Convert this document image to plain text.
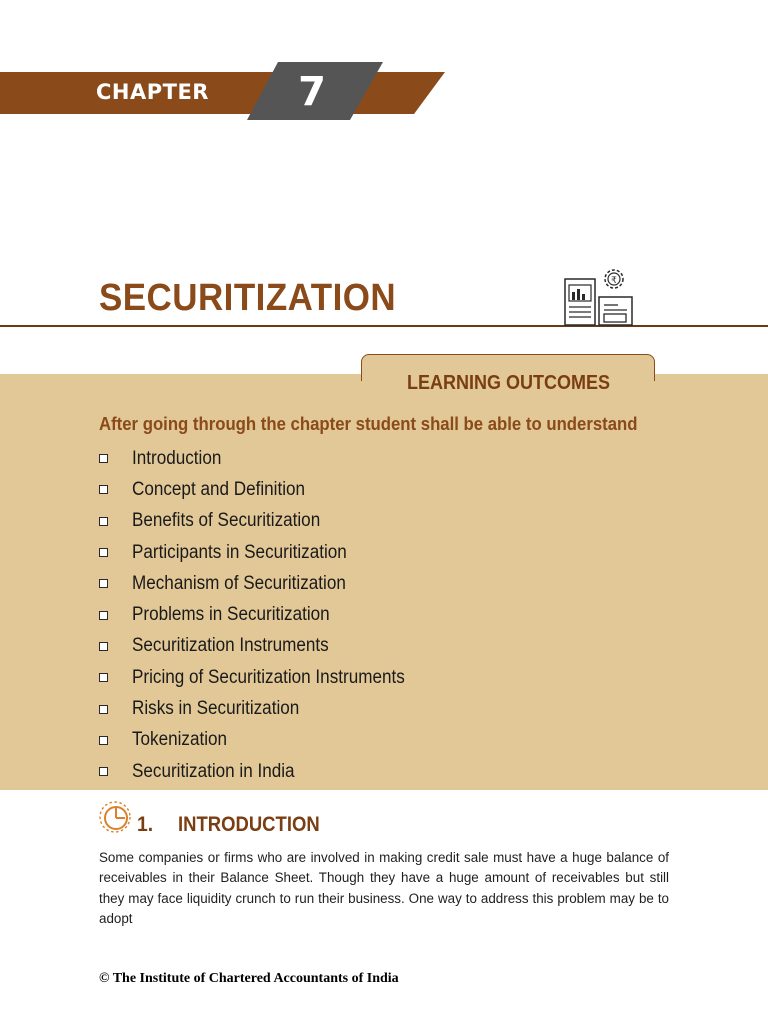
CHAPTER 7
SECURITIZATION	₹
LEARNING OUTCOMES
After going through the chapter student shall be able to understand
Introduction
Concept and Definition
Benefits of Securitization
Participants in Securitization
Mechanism of Securitization
Problems in Securitization
Securitization Instruments
Pricing of Securitization Instruments
Risks in Securitization
Tokenization
Securitization in India
1. INTRODUCTION

Some companies or firms who are involved in making credit sale must have a huge balance of receivables in their Balance Sheet. Though they have a huge amount of receivables but still they may face liquidity crunch to run their business. One way to address this problem may be to adopt

© The Institute of Chartered Accountants of India
